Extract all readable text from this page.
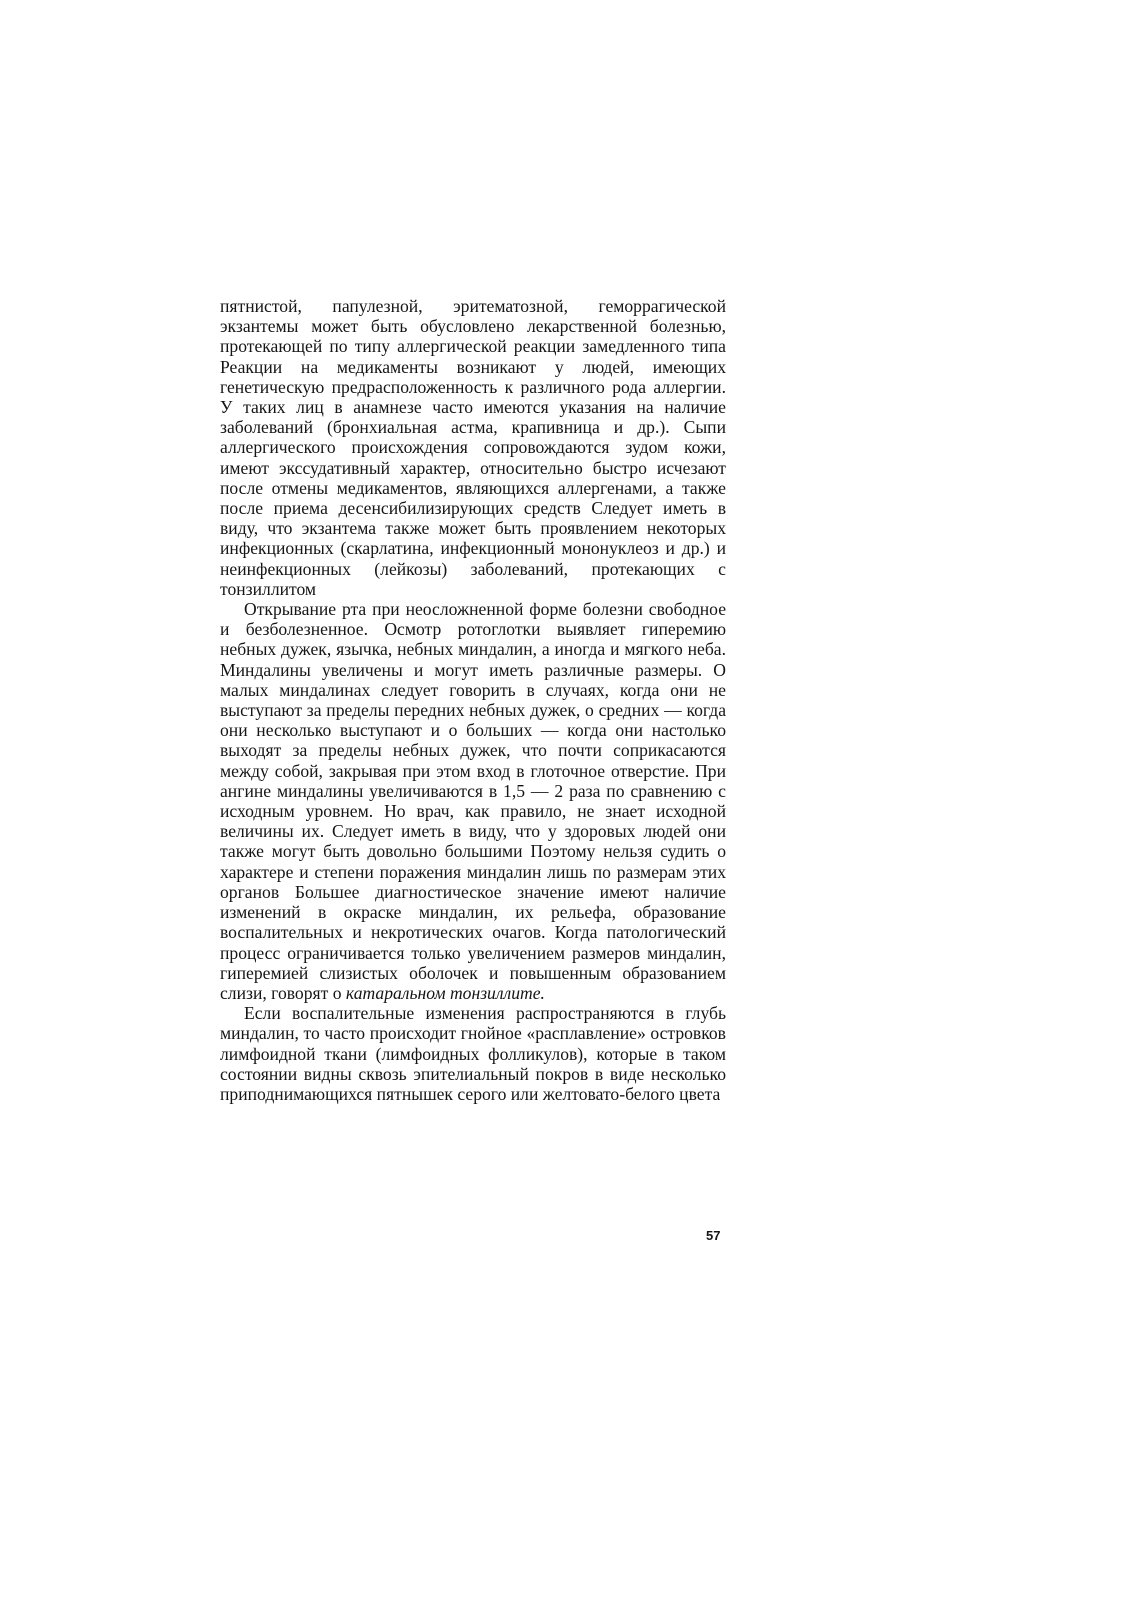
пятнистой, папулезной, эритематозной, геморрагической экзантемы может быть обусловлено лекарственной болезнью, протекающей по типу аллергической реакции замедленного типа Реакции на медикаменты возникают у людей, имеющих генетическую предрасположенность к различного рода аллергии. У таких лиц в анамнезе часто имеются указания на наличие заболеваний (бронхиальная астма, крапивница и др.). Сыпи аллергического происхождения сопровождаются зудом кожи, имеют экссудативный характер, относительно быстро исчезают после отмены медикаментов, являющихся аллергенами, а также после приема десенсибилизирующих средств Следует иметь в виду, что экзантема также может быть проявлением некоторых инфекционных (скарлатина, инфекционный мононуклеоз и др.) и неинфекционных (лейкозы) заболеваний, протекающих с тонзиллитом

Открывание рта при неосложненной форме болезни свободное и безболезненное. Осмотр ротоглотки выявляет гиперемию небных дужек, язычка, небных миндалин, а иногда и мягкого неба. Миндалины увеличены и могут иметь различные размеры. О малых миндалинах следует говорить в случаях, когда они не выступают за пределы передних небных дужек, о средних — когда они несколько выступают и о больших — когда они настолько выходят за пределы небных дужек, что почти соприкасаются между собой, закрывая при этом вход в глоточное отверстие. При ангине миндалины увеличиваются в 1,5 — 2 раза по сравнению с исходным уровнем. Но врач, как правило, не знает исходной величины их. Следует иметь в виду, что у здоровых людей они также могут быть довольно большими Поэтому нельзя судить о характере и степени поражения миндалин лишь по размерам этих органов Большее диагностическое значение имеют наличие изменений в окраске миндалин, их рельефа, образование воспалительных и некротических очагов. Когда патологический процесс ограничивается только увеличением размеров миндалин, гиперемией слизистых оболочек и повышенным образованием слизи, говорят о катаральном тонзиллите.

Если воспалительные изменения распространяются в глубь миндалин, то часто происходит гнойное «расплавление» островков лимфоидной ткани (лимфоидных фолликулов), которые в таком состоянии видны сквозь эпителиальный покров в виде несколько приподнимающихся пятнышек серого или желтовато-белого цвета

57
